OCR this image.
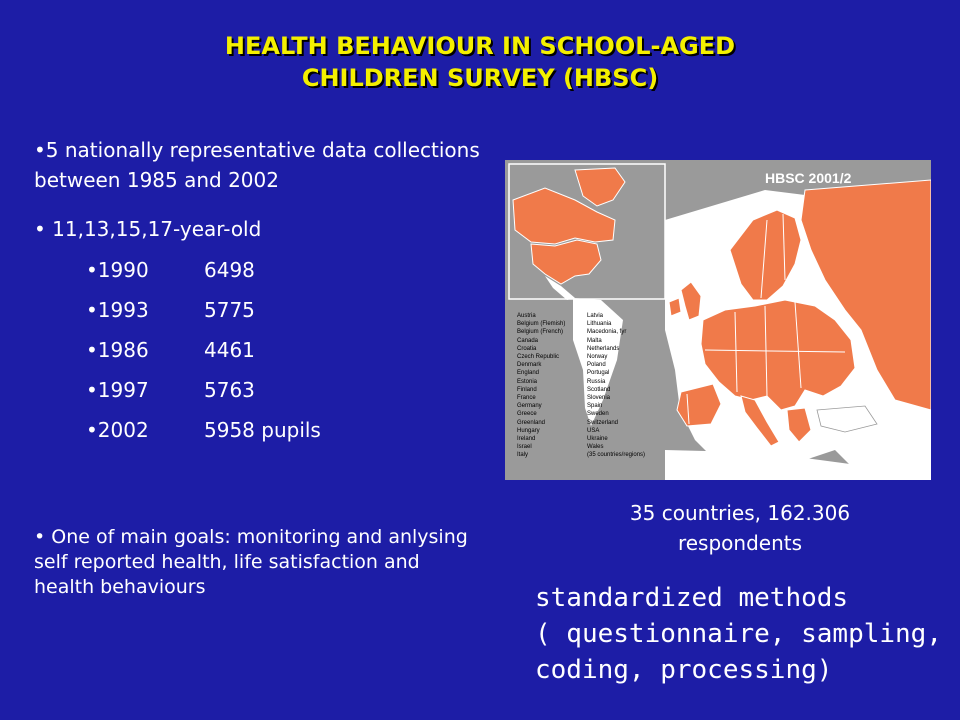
HEALTH BEHAVIOUR IN SCHOOL-AGED
CHILDREN SURVEY (HBSC)
•5 nationally representative data collections between 1985 and 2002
• 11,13,15,17-year-old
•1990	6498
•1993	5775
•1986	4461
•1997	5763
•2002	5958 pupils
• One of main goals: monitoring and anlysing self reported health, life satisfaction and health behaviours
HBSC 2001/2
Austria	Latvia
Belgium (Flemish)	Lithuania
Belgium (French)	Macedonia, fyr
Canada	Malta
Croatia	Netherlands
Czech Republic	Norway
Denmark	Poland
England	Portugal
Estonia	Russia
Finland	Scotland
France	Slovenia
Germany	Spain
Greece	Sweden
Greenland	Switzerland
Hungary	USA
Ireland	Ukraine
Israel	Wales
Italy	(35 countries/regions)
35 countries, 162.306
respondents
standardized methods
( questionnaire, sampling,
coding, processing)
